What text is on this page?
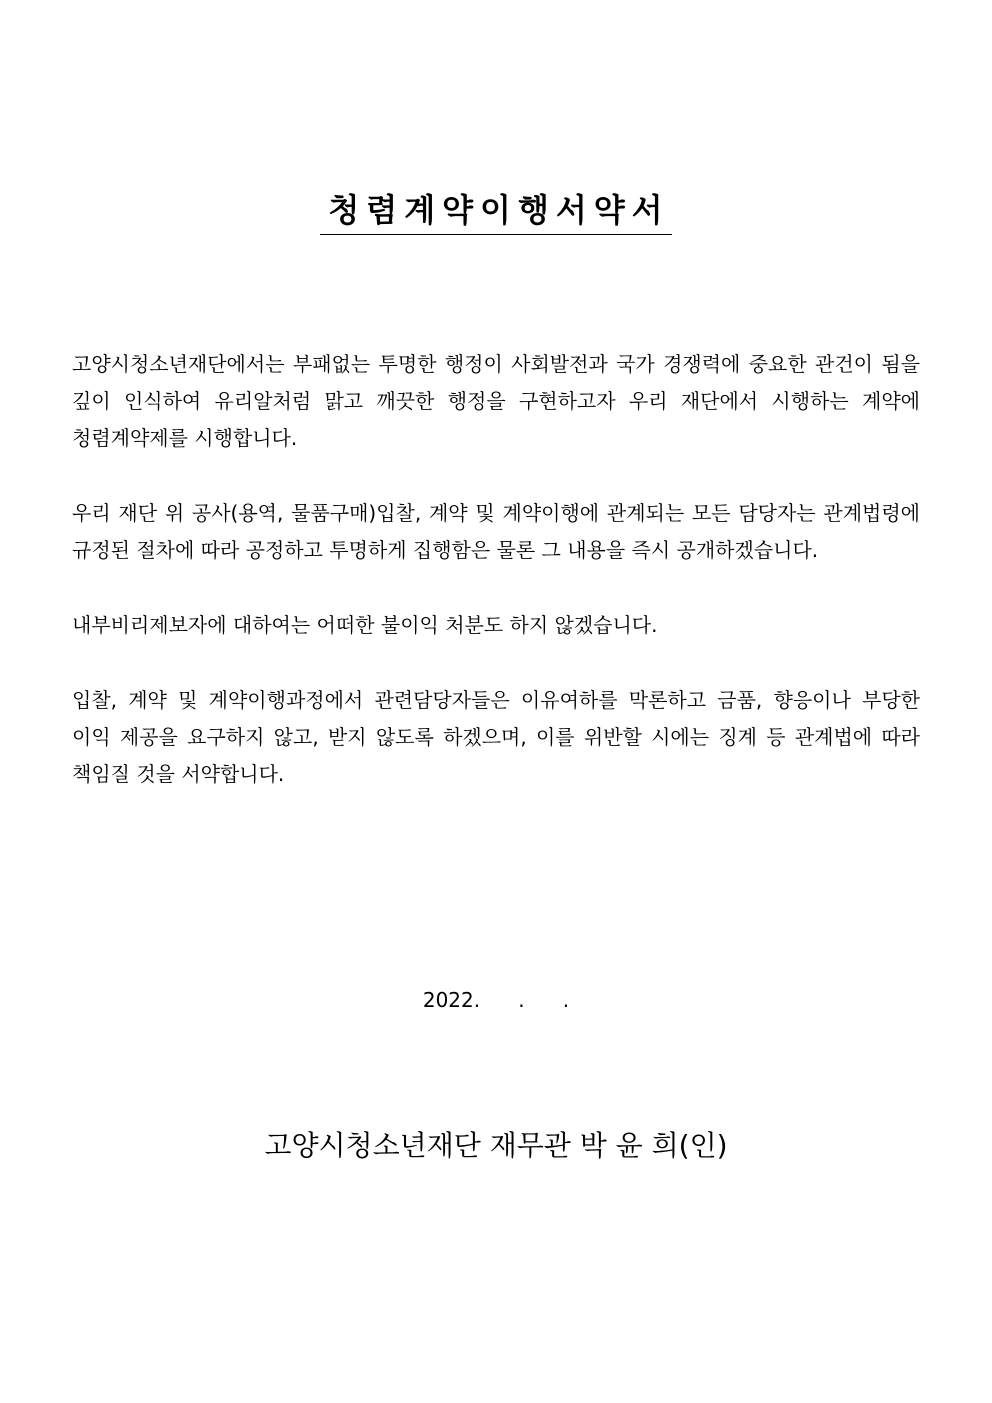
청렴계약이행서약서

고양시청소년재단에서는 부패없는 투명한 행정이 사회발전과 국가 경쟁력에 중요한 관건이 됨을 깊이 인식하여 유리알처럼 맑고 깨끗한 행정을 구현하고자 우리 재단에서 시행하는 계약에 청렴계약제를 시행합니다.

우리 재단 위 공사(용역, 물품구매)입찰, 계약 및 계약이행에 관계되는 모든 담당자는 관계법령에 규정된 절차에 따라 공정하고 투명하게 집행함은 물론 그 내용을 즉시 공개하겠습니다.

내부비리제보자에 대하여는 어떠한 불이익 처분도 하지 않겠습니다.

입찰, 계약 및 계약이행과정에서 관련담당자들은 이유여하를 막론하고 금품, 향응이나 부당한 이익 제공을 요구하지 않고, 받지 않도록 하겠으며, 이를 위반할 시에는 징계 등 관계법에 따라 책임질 것을 서약합니다.

2022.      .      .
고양시청소년재단 재무관 박 윤 희(인)
